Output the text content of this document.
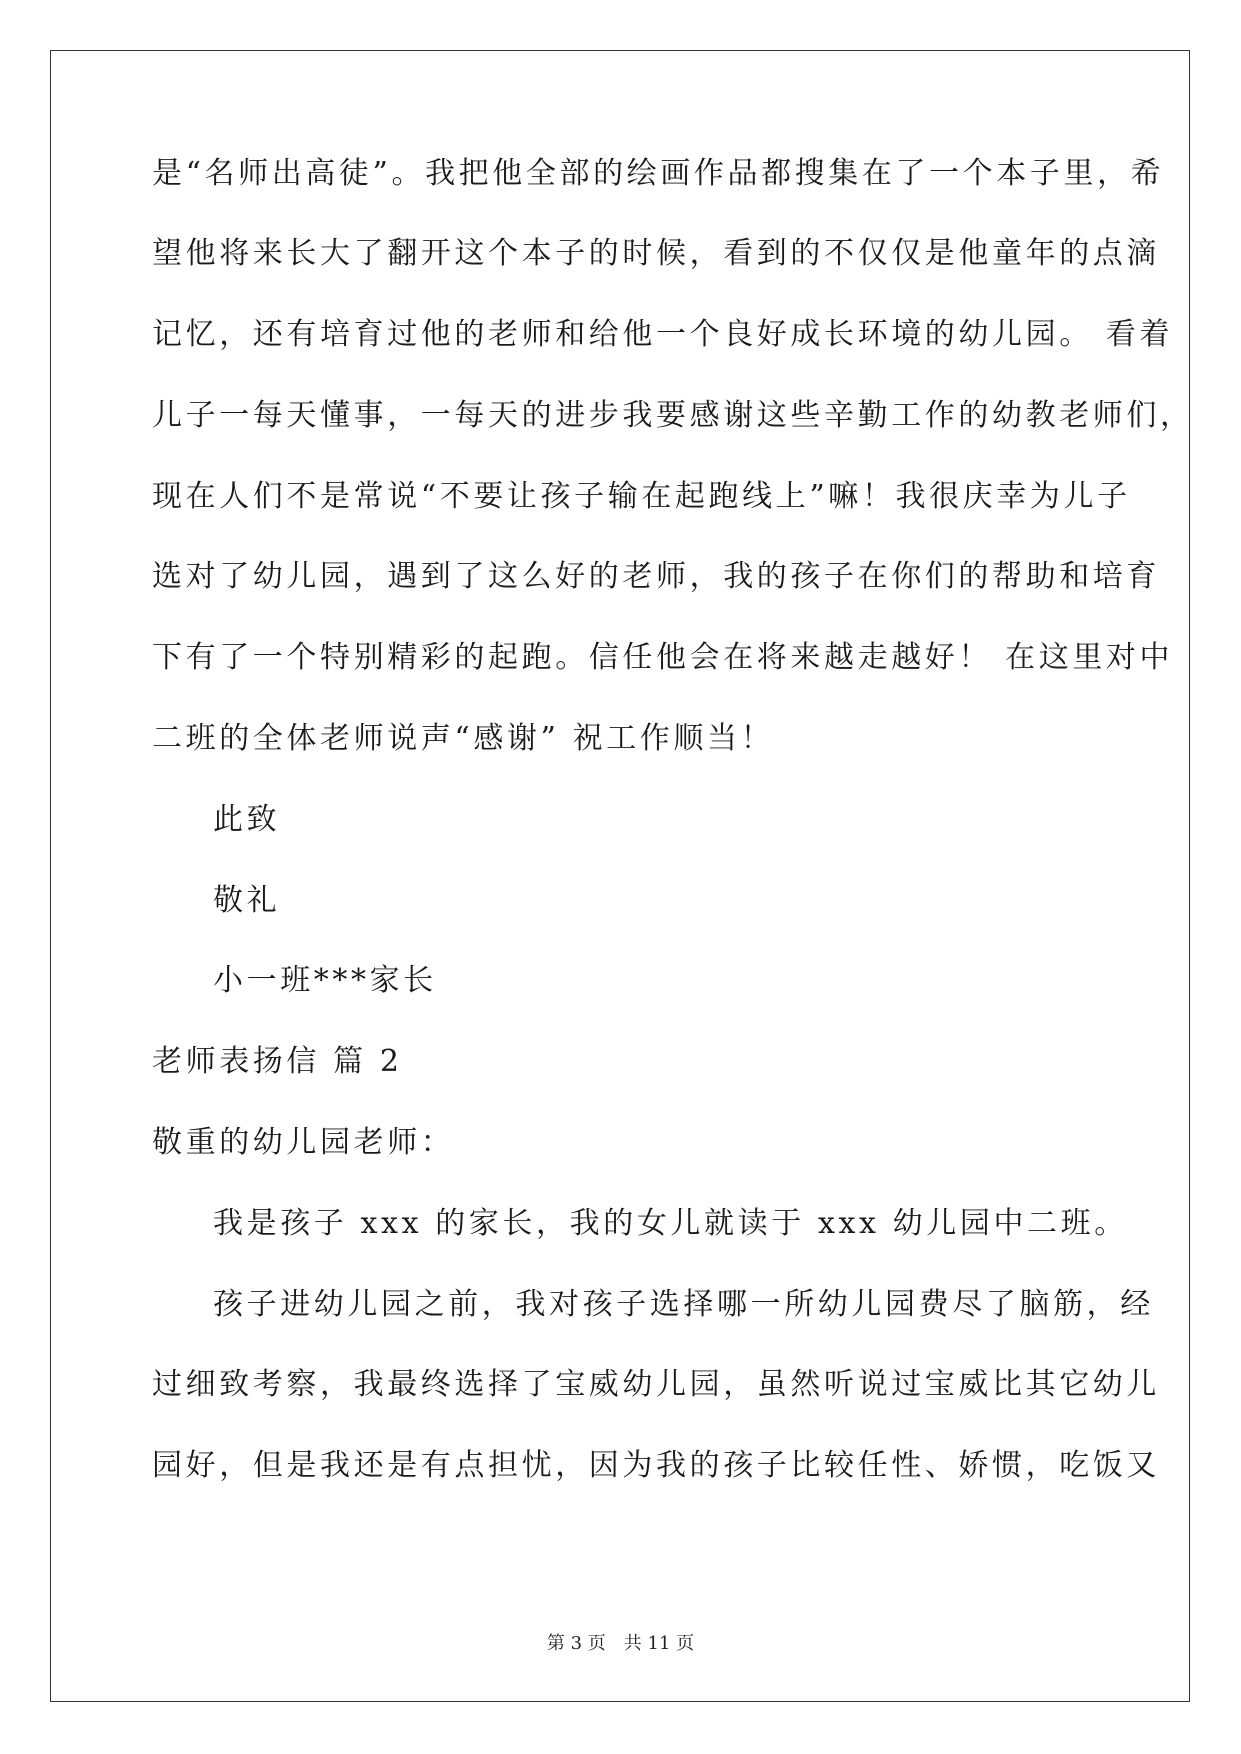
是“名师出高徒”。我把他全部的绘画作品都搜集在了一个本子里，希
望他将来长大了翻开这个本子的时候，看到的不仅仅是他童年的点滴
记忆，还有培育过他的老师和给他一个良好成长环境的幼儿园。 看着
儿子一每天懂事，一每天的进步我要感谢这些辛勤工作的幼教老师们，
现在人们不是常说“不要让孩子输在起跑线上”嘛！我很庆幸为儿子
选对了幼儿园，遇到了这么好的老师，我的孩子在你们的帮助和培育
下有了一个特别精彩的起跑。信任他会在将来越走越好！ 在这里对中
二班的全体老师说声“感谢” 祝工作顺当！
此致
敬礼
小一班***家长
老师表扬信 篇 2
敬重的幼儿园老师：
我是孩子 xxx 的家长，我的女儿就读于 xxx 幼儿园中二班。
孩子进幼儿园之前，我对孩子选择哪一所幼儿园费尽了脑筋，经
过细致考察，我最终选择了宝威幼儿园，虽然听说过宝威比其它幼儿
园好，但是我还是有点担忧，因为我的孩子比较任性、娇惯，吃饭又
第 3 页　共 11 页
